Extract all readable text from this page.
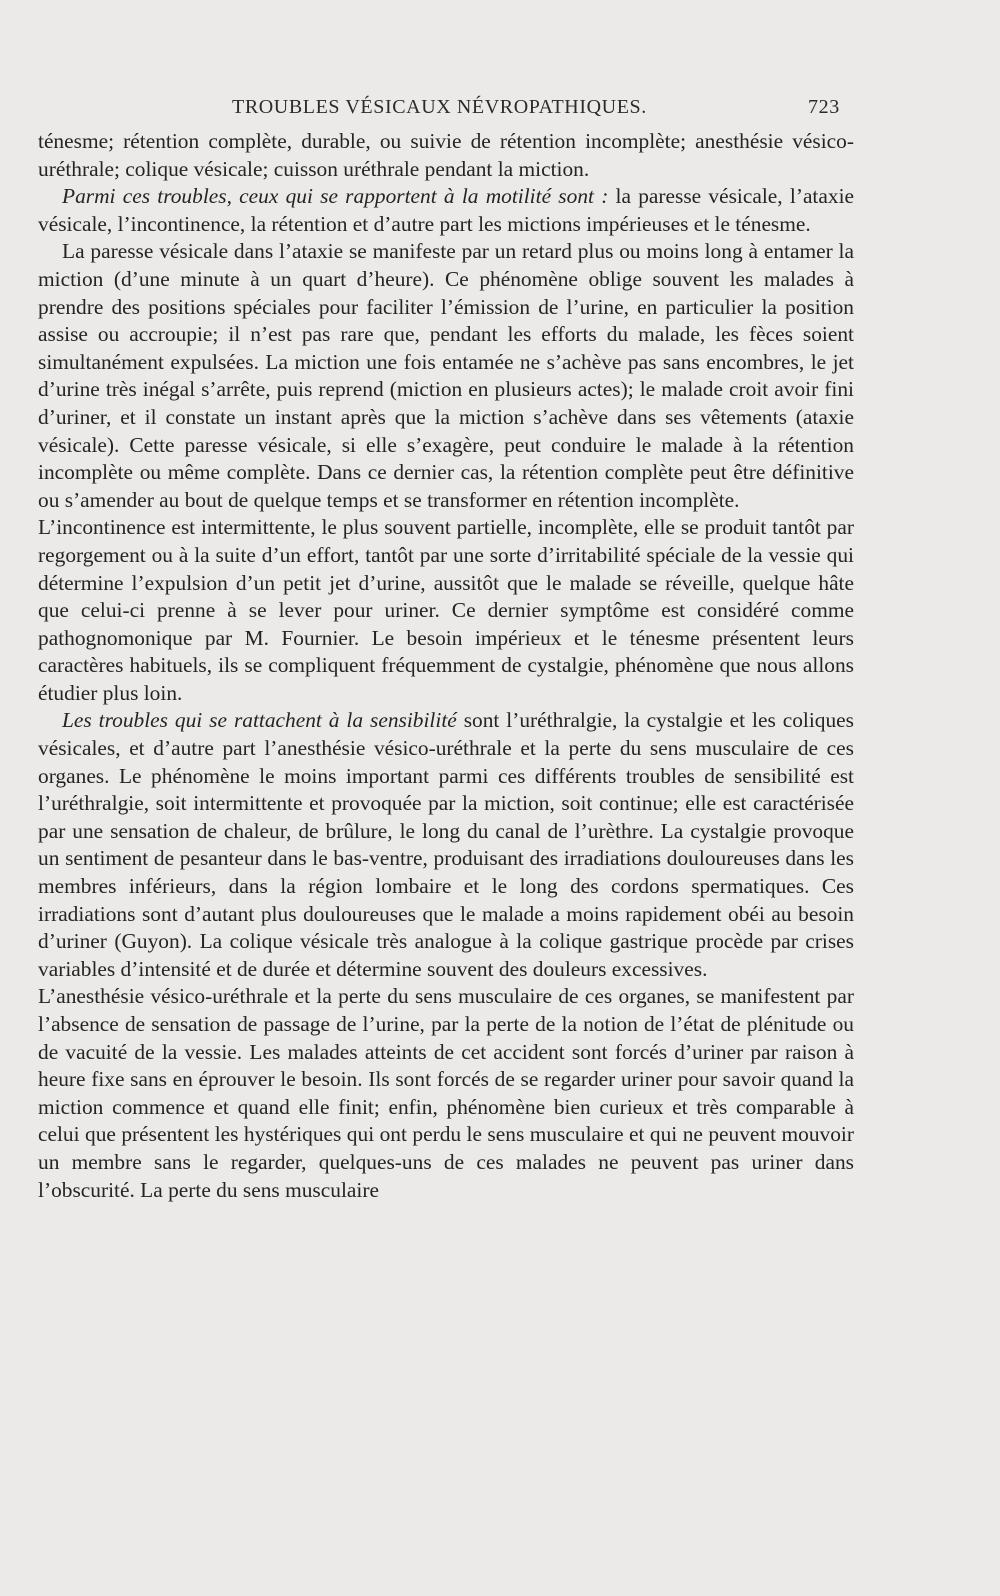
TROUBLES VÉSICAUX NÉVROPATHIQUES.	723

ténesme; rétention complète, durable, ou suivie de rétention incomplète; anesthésie vésico-uréthrale; colique vésicale; cuisson uréthrale pendant la miction.

Parmi ces troubles, ceux qui se rapportent à la motilité sont : la paresse vésicale, l’ataxie vésicale, l’incontinence, la rétention et d’autre part les mictions impérieuses et le ténesme.

La paresse vésicale dans l’ataxie se manifeste par un retard plus ou moins long à entamer la miction (d’une minute à un quart d’heure). Ce phénomène oblige souvent les malades à prendre des positions spéciales pour faciliter l’émission de l’urine, en particulier la position assise ou accroupie; il n’est pas rare que, pendant les efforts du malade, les fèces soient simultanément expulsées. La miction une fois entamée ne s’achève pas sans encombres, le jet d’urine très inégal s’arrête, puis reprend (miction en plusieurs actes); le malade croit avoir fini d’uriner, et il constate un instant après que la miction s’achève dans ses vêtements (ataxie vésicale). Cette paresse vésicale, si elle s’exagère, peut conduire le malade à la rétention incomplète ou même complète. Dans ce dernier cas, la rétention complète peut être définitive ou s’amender au bout de quelque temps et se transformer en rétention incomplète.

L’incontinence est intermittente, le plus souvent partielle, incomplète, elle se produit tantôt par regorgement ou à la suite d’un effort, tantôt par une sorte d’irritabilité spéciale de la vessie qui détermine l’expulsion d’un petit jet d’urine, aussitôt que le malade se réveille, quelque hâte que celui-ci prenne à se lever pour uriner. Ce dernier symptôme est considéré comme pathognomonique par M. Fournier. Le besoin impérieux et le ténesme présentent leurs caractères habituels, ils se compliquent fréquemment de cystalgie, phénomène que nous allons étudier plus loin.

Les troubles qui se rattachent à la sensibilité sont l’uréthralgie, la cystalgie et les coliques vésicales, et d’autre part l’anesthésie vésico-uréthrale et la perte du sens musculaire de ces organes. Le phénomène le moins important parmi ces différents troubles de sensibilité est l’uréthralgie, soit intermittente et provoquée par la miction, soit continue; elle est caractérisée par une sensation de chaleur, de brûlure, le long du canal de l’urèthre. La cystalgie provoque un sentiment de pesanteur dans le bas-ventre, produisant des irradiations douloureuses dans les membres inférieurs, dans la région lombaire et le long des cordons spermatiques. Ces irradiations sont d’autant plus douloureuses que le malade a moins rapidement obéi au besoin d’uriner (Guyon). La colique vésicale très analogue à la colique gastrique procède par crises variables d’intensité et de durée et détermine souvent des douleurs excessives.

L’anesthésie vésico-uréthrale et la perte du sens musculaire de ces organes, se manifestent par l’absence de sensation de passage de l’urine, par la perte de la notion de l’état de plénitude ou de vacuité de la vessie. Les malades atteints de cet accident sont forcés d’uriner par raison à heure fixe sans en éprouver le besoin. Ils sont forcés de se regarder uriner pour savoir quand la miction commence et quand elle finit; enfin, phénomène bien curieux et très comparable à celui que présentent les hystériques qui ont perdu le sens musculaire et qui ne peuvent mouvoir un membre sans le regarder, quelques-uns de ces malades ne peuvent pas uriner dans l’obscurité. La perte du sens musculaire
